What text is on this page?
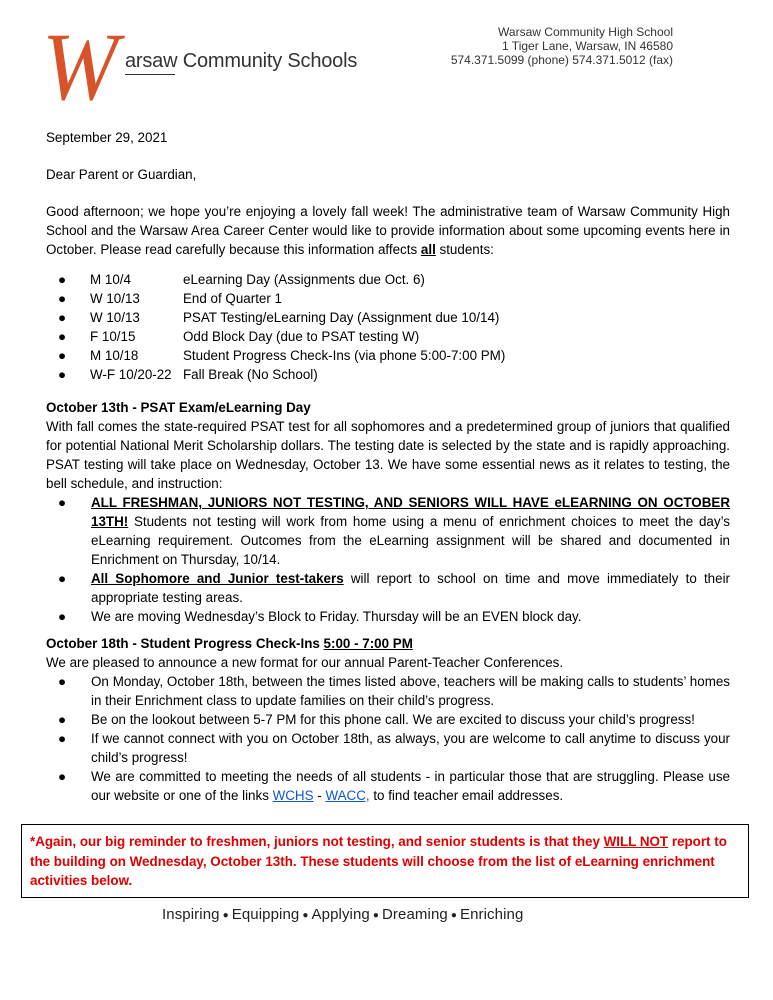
W arsaw Community Schools
Warsaw Community High School
1 Tiger Lane, Warsaw, IN 46580
574.371.5099 (phone) 574.371.5012 (fax)

September 29, 2021

Dear Parent or Guardian,

Good afternoon; we hope you’re enjoying a lovely fall week! The administrative team of Warsaw Community High School and the Warsaw Area Career Center would like to provide information about some upcoming events here in October. Please read carefully because this information affects all students:

● M 10/4	eLearning Day (Assignments due Oct. 6)
● W 10/13	End of Quarter 1
● W 10/13	PSAT Testing/eLearning Day (Assignment due 10/14)
● F 10/15	Odd Block Day (due to PSAT testing W)
● M 10/18	Student Progress Check-Ins (via phone 5:00-7:00 PM)
● W-F 10/20-22 Fall Break (No School)

October 13th - PSAT Exam/eLearning Day

With fall comes the state-required PSAT test for all sophomores and a predetermined group of juniors that qualified for potential National Merit Scholarship dollars. The testing date is selected by the state and is rapidly approaching. PSAT testing will take place on Wednesday, October 13. We have some essential news as it relates to testing, the bell schedule, and instruction:

● ALL FRESHMAN, JUNIORS NOT TESTING, AND SENIORS WILL HAVE eLEARNING ON OCTOBER 13TH! Students not testing will work from home using a menu of enrichment choices to meet the day’s eLearning requirement. Outcomes from the eLearning assignment will be shared and documented in Enrichment on Thursday, 10/14.
● All Sophomore and Junior test-takers will report to school on time and move immediately to their appropriate testing areas.
● We are moving Wednesday’s Block to Friday. Thursday will be an EVEN block day.

October 18th - Student Progress Check-Ins 5:00 - 7:00 PM

We are pleased to announce a new format for our annual Parent-Teacher Conferences.

● On Monday, October 18th, between the times listed above, teachers will be making calls to students’ homes in their Enrichment class to update families on their child’s progress.
● Be on the lookout between 5-7 PM for this phone call. We are excited to discuss your child’s progress!
● If we cannot connect with you on October 18th, as always, you are welcome to call anytime to discuss your child’s progress!
● We are committed to meeting the needs of all students - in particular those that are struggling. Please use our website or one of the links WCHS - WACC, to find teacher email addresses.
*Again, our big reminder to freshmen, juniors not testing, and senior students is that they WILL NOT report to the building on Wednesday, October 13th. These students will choose from the list of eLearning enrichment activities below.
Inspiring ● Equipping ● Applying ● Dreaming ● Enriching
